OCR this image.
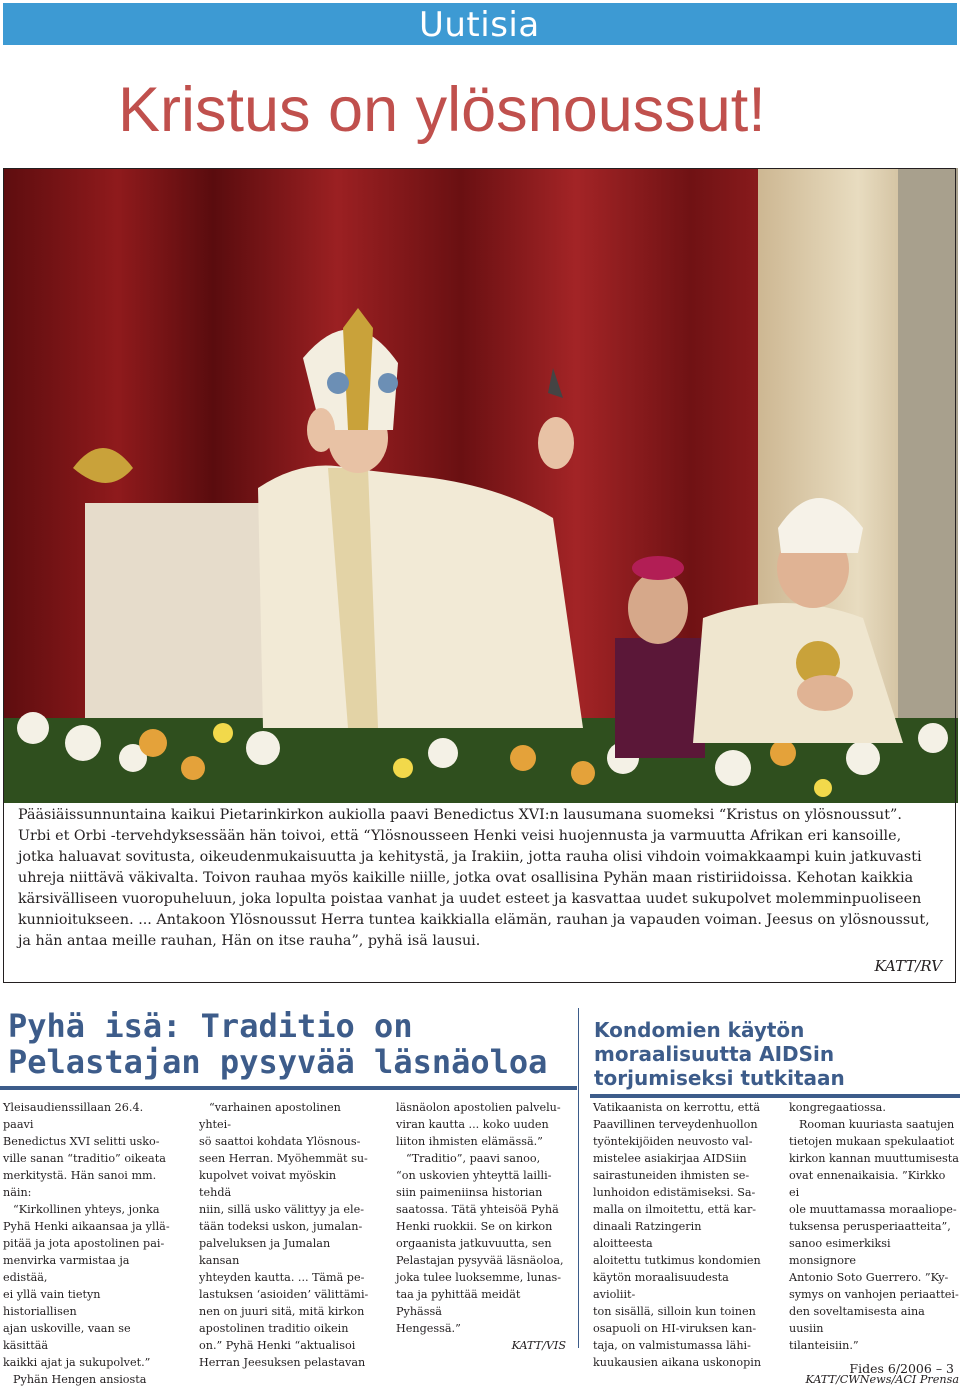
Uutisia
Kristus on ylösnoussut!

Pääsiäissunnuntaina kaikui Pietarinkirkon aukiolla paavi Benedictus XVI:n lausumana suomeksi “Kristus on ylösnoussut”.

Urbi et Orbi -tervehdyksessään hän toivoi, että “Ylösnousseen Henki veisi huojennusta ja varmuutta Afrikan eri kansoille,

jotka haluavat sovitusta, oikeudenmukaisuutta ja kehitystä, ja Irakiin, jotta rauha olisi vihdoin voimakkaampi kuin jatkuvasti

uhreja niittävä väkivalta. Toivon rauhaa myös kaikille niille, jotka ovat osallisina Pyhän maan ristiriidoissa. Kehotan kaikkia

kärsivälliseen vuoropuheluun, joka lopulta poistaa vanhat ja uudet esteet ja kasvattaa uudet sukupolvet molemminpuoliseen

kunnioitukseen. ... Antakoon Ylösnoussut Herra tuntea kaikkialla elämän, rauhan ja vapauden voiman. Jeesus on ylösnoussut,

ja hän antaa meille rauhan, Hän on itse rauha”, pyhä isä lausui.

KATT/RV
Pyhä isä: Traditio on
Pelastajan pysyvää läsnäoloa
Kondomien käytön
moraalisuutta AIDSin
torjumiseksi tutkitaan

Yleisaudienssillaan 26.4. paavi

Benedictus XVI selitti usko-

ville sanan “traditio” oikeata

merkitystä. Hän sanoi mm.

näin:

“Kirkollinen yhteys, jonka

Pyhä Henki aikaansaa ja yllä-

pitää ja jota apostolinen pai-

menvirka varmistaa ja edistää,

ei yllä vain tietyn historiallisen

ajan uskoville, vaan se käsittää

kaikki ajat ja sukupolvet.”

Pyhän Hengen ansiosta

“varhainen apostolinen yhtei-

sö saattoi kohdata Ylösnous-

seen Herran. Myöhemmät su-

kupolvet voivat myöskin tehdä

niin, sillä usko välittyy ja ele-

tään todeksi uskon, jumalan-

palveluksen ja Jumalan kansan

yhteyden kautta. ... Tämä pe-

lastuksen ‘asioiden’ välittämi-

nen on juuri sitä, mitä kirkon

apostolinen traditio oikein

on.” Pyhä Henki “aktualisoi

Herran Jeesuksen pelastavan

läsnäolon apostolien palvelu-

viran kautta ... koko uuden

liiton ihmisten elämässä.”

“Traditio”, paavi sanoo,

“on uskovien yhteyttä lailli-

siin paimeniinsa historian

saatossa. Tätä yhteisöä Pyhä

Henki ruokkii. Se on kirkon

orgaanista jatkuvuutta, sen

Pelastajan pysyvää läsnäoloa,

joka tulee luoksemme, lunas-

taa ja pyhittää meidät Pyhässä

Hengessä.”

KATT/VIS

Vatikaanista on kerrottu, että

Paavillinen terveydenhuollon

työntekijöiden neuvosto val-

mistelee asiakirjaa AIDSiin

sairastuneiden ihmisten se-

lunhoidon edistämiseksi. Sa-

malla on ilmoitettu, että kar-

dinaali Ratzingerin aloitteesta

aloitettu tutkimus kondomien

käytön moraalisuudesta avioliit-

ton sisällä, silloin kun toinen

osapuoli on HI-viruksen kan-

taja, on valmistumassa lähi-

kuukausien aikana uskonopin

kongregaatiossa.

Rooman kuuriasta saatujen

tietojen mukaan spekulaatiot

kirkon kannan muuttumisesta

ovat ennenaikaisia. ”Kirkko ei

ole muuttamassa moraaliope-

tuksensa perusperiaatteita”,

sanoo esimerkiksi monsignore

Antonio Soto Guerrero. ”Ky-

symys on vanhojen periaattei-

den soveltamisesta aina uusiin

tilanteisiin.”

KATT/CWNews/ACI Prensa

Fides 6/2006 – 3
